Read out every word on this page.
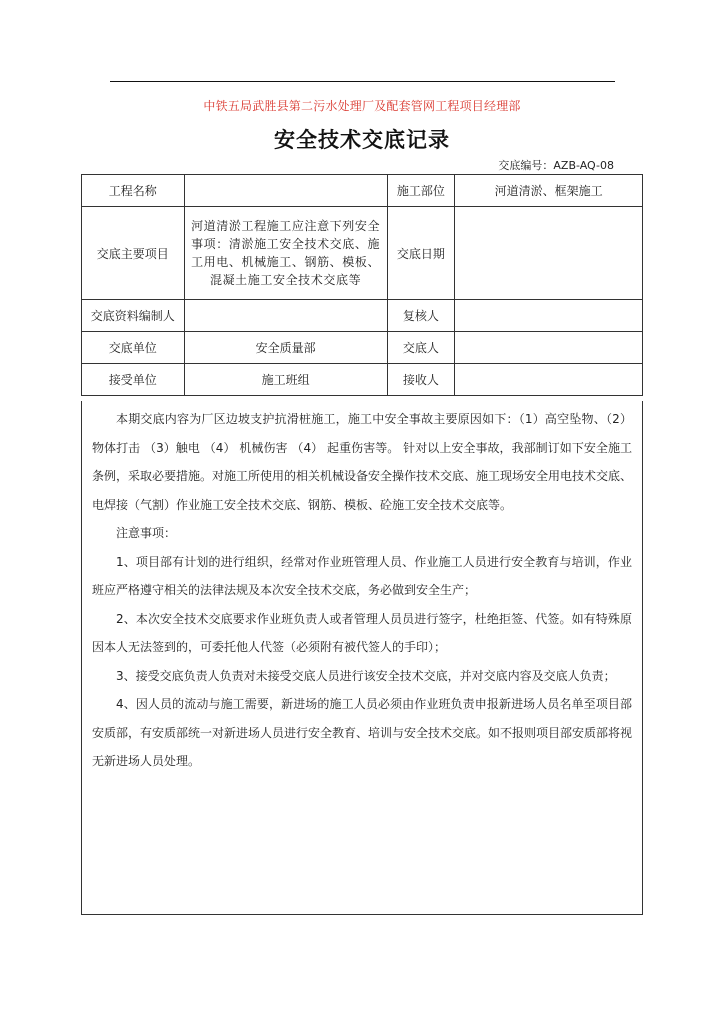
中铁五局武胜县第二污水处理厂及配套管网工程项目经理部
安全技术交底记录
交底编号：AZB-AQ-08
工程名称		施工部位	河道清淤、框架施工
交底主要项目	河道清淤工程施工应注意下列安全事项：清淤施工安全技术交底、施工用电、机械施工、钢筋、模板、混凝土施工安全技术交底等	交底日期	
交底资料编制人		复核人	
交底单位	安全质量部	交底人	
接受单位	施工班组	接收人	

本期交底内容为厂区边坡支护抗滑桩施工，施工中安全事故主要原因如下：（1）高空坠物、（2）物体打击 （3）触电 （4） 机械伤害 （4） 起重伤害等。 针对以上安全事故，我部制订如下安全施工条例，采取必要措施。对施工所使用的相关机械设备安全操作技术交底、施工现场安全用电技术交底、电焊接（气割）作业施工安全技术交底、钢筋、模板、砼施工安全技术交底等。

注意事项：

1、项目部有计划的进行组织，经常对作业班管理人员、作业施工人员进行安全教育与培训，作业班应严格遵守相关的法律法规及本次安全技术交底，务必做到安全生产；

2、本次安全技术交底要求作业班负责人或者管理人员员进行签字，杜绝拒签、代签。如有特殊原因本人无法签到的，可委托他人代签（必须附有被代签人的手印）；

3、接受交底负责人负责对未接受交底人员进行该安全技术交底，并对交底内容及交底人负责；

4、因人员的流动与施工需要，新进场的施工人员必须由作业班负责申报新进场人员名单至项目部安质部，有安质部统一对新进场人员进行安全教育、培训与安全技术交底。如不报则项目部安质部将视无新进场人员处理。
